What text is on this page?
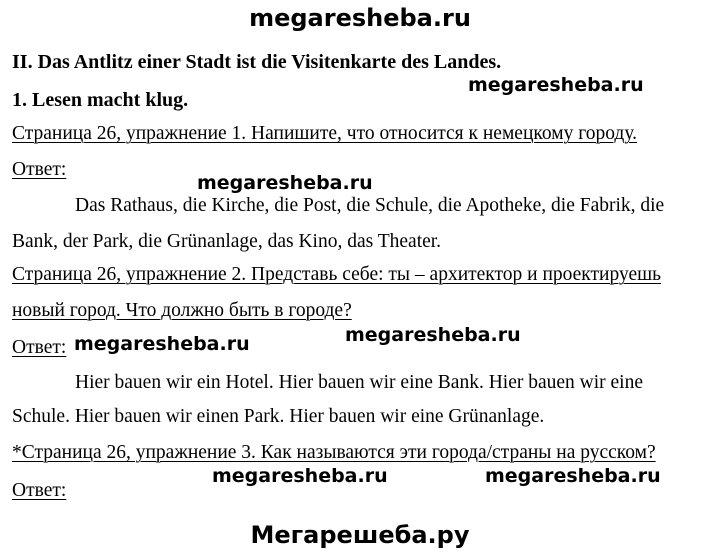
megaresheba.ru
II. Das Antlitz einer Stadt ist die Visitenkarte des Landes.
megaresheba.ru
1. Lesen macht klug.
Страница 26, упражнение 1. Напишите, что относится к немецкому городу.
Ответ:
megaresheba.ru
Das Rathaus, die Kirche, die Post, die Schule, die Apotheke, die Fabrik, die
Bank, der Park, die Grünanlage, das Kino, das Theater.
Страница 26, упражнение 2. Представь себе: ты – архитектор и проектируешь
новый город. Что должно быть в городе?
megaresheba.ru
Ответ: megaresheba.ru
Hier bauen wir ein Hotel. Hier bauen wir eine Bank. Hier bauen wir eine
Schule. Hier bauen wir einen Park. Hier bauen wir eine Grünanlage.
*Страница 26, упражнение 3. Как называются эти города/страны на русском?
megaresheba.ru	megaresheba.ru
Ответ:
Мегарешеба.ру
